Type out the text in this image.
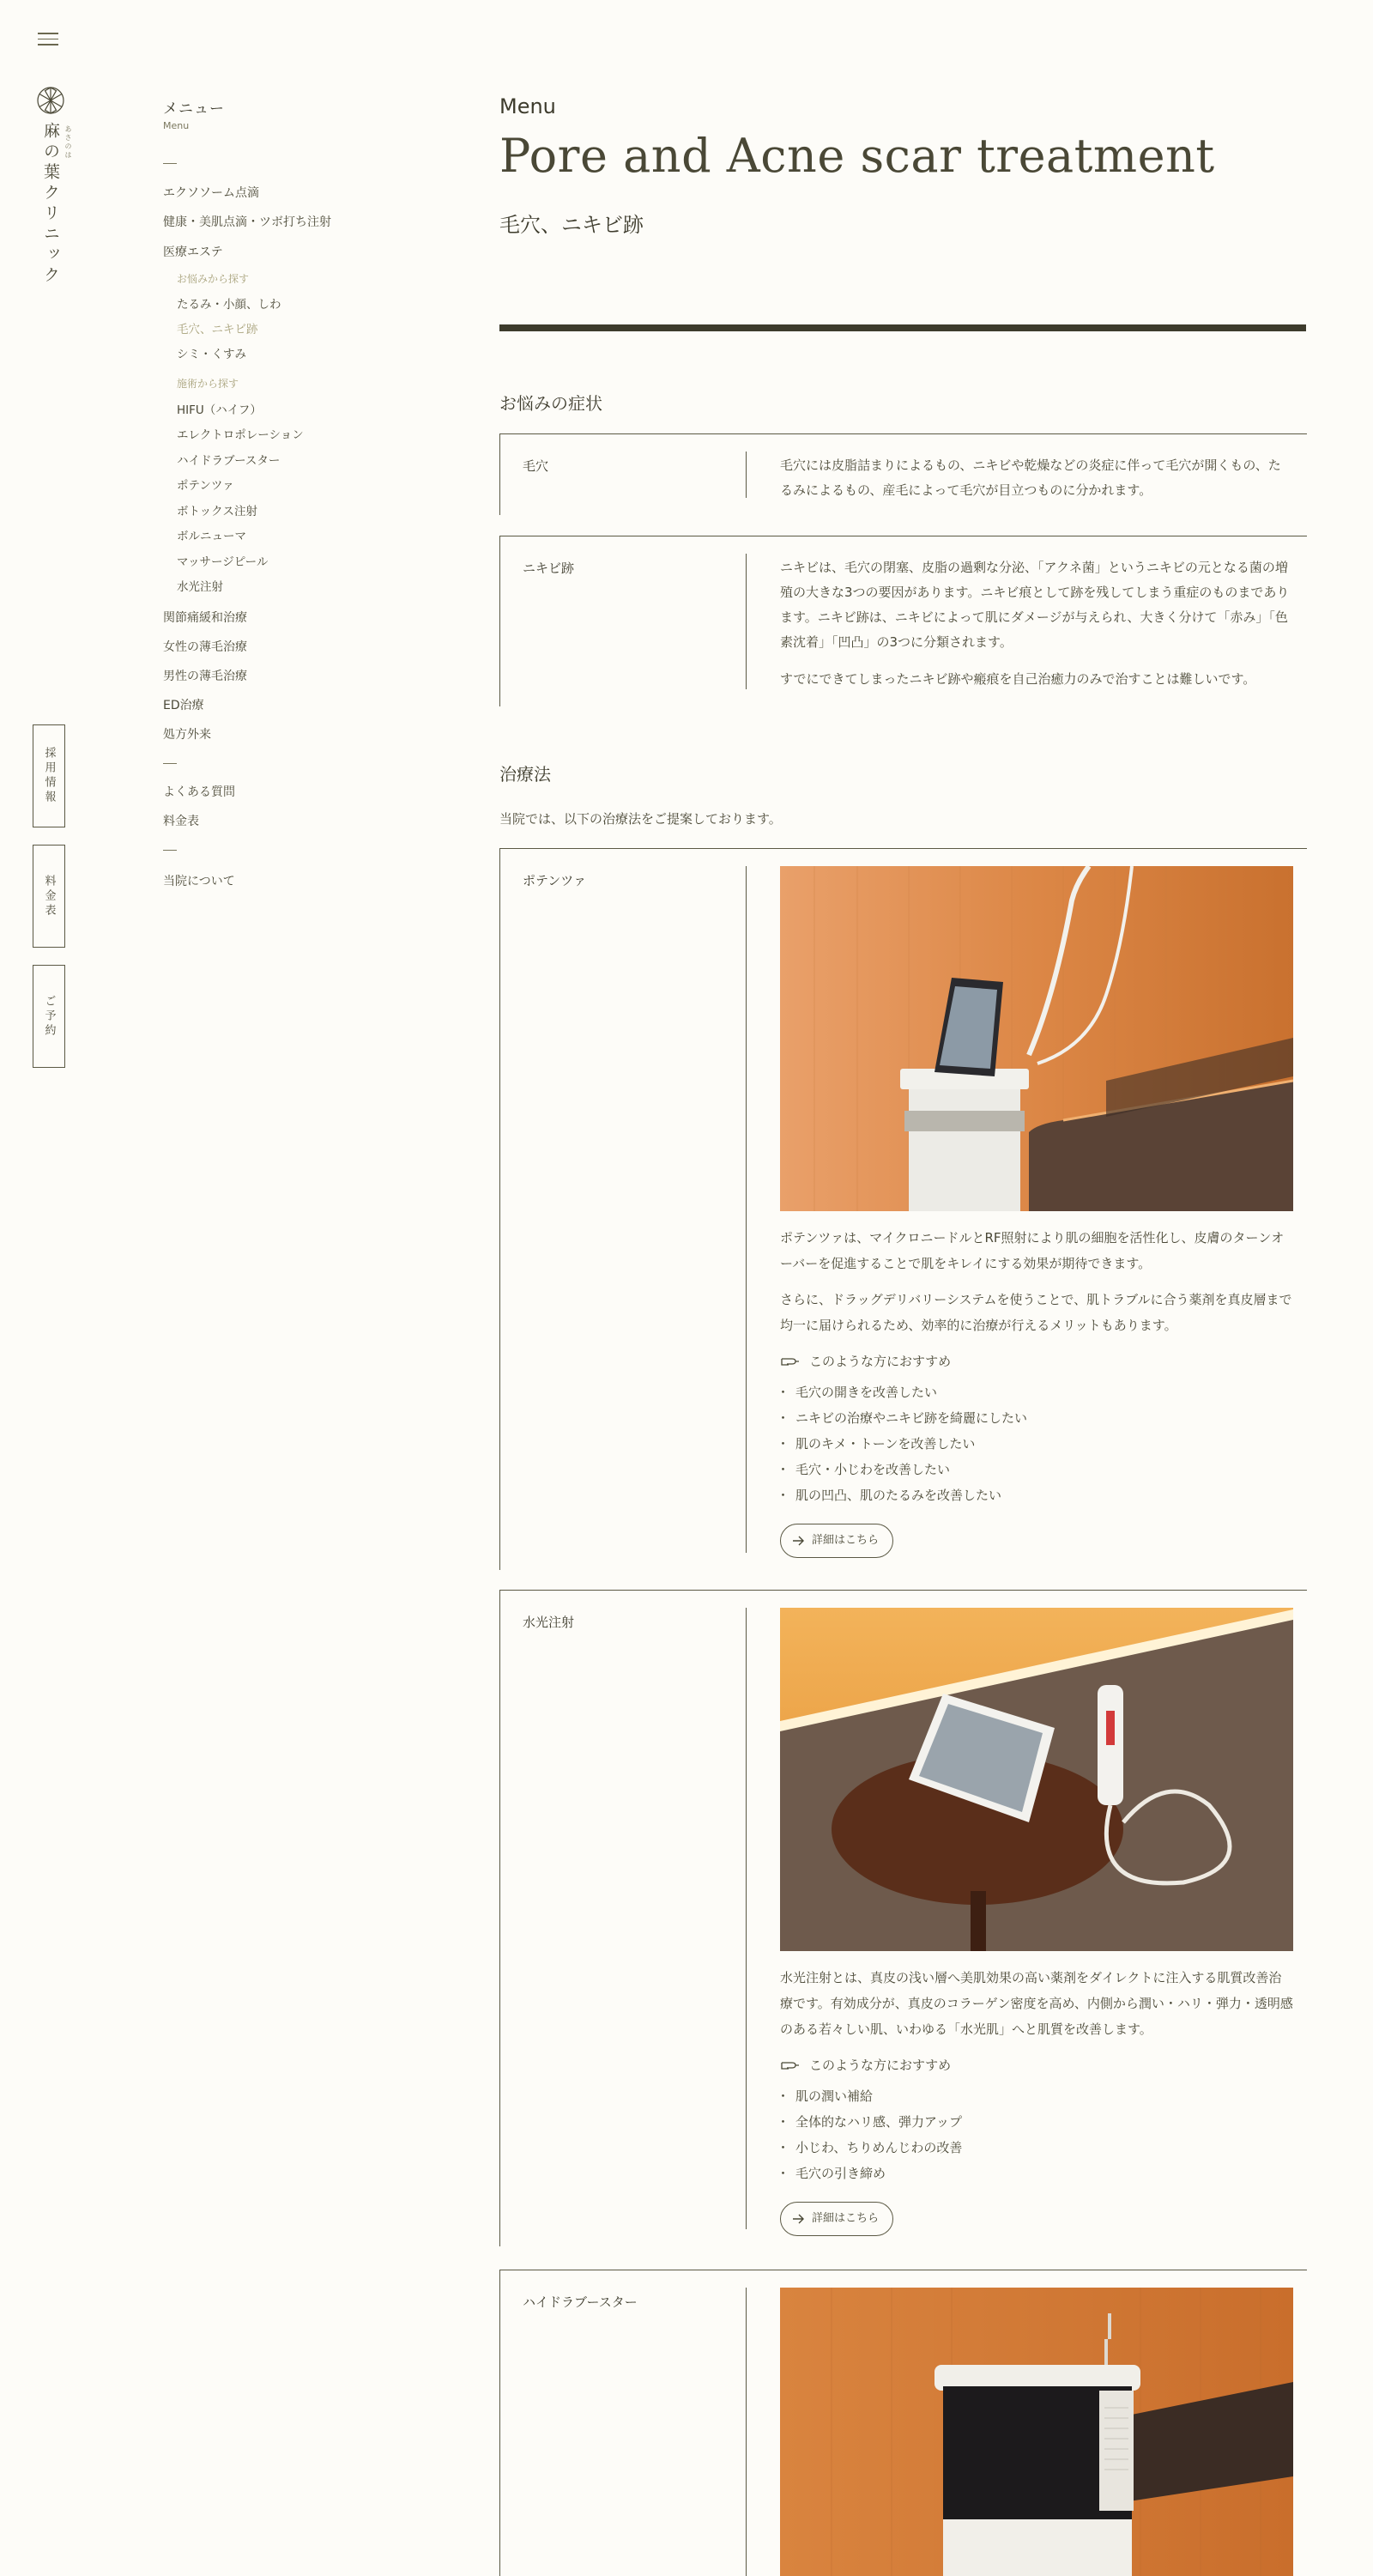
あさのは
麻の葉クリニック
採用情報
料金表
ご予約
メニュー
Menu
エクソソーム点滴
健康・美肌点滴・ツボ打ち注射
医療エステ
お悩みから探す
たるみ・小顔、しわ
毛穴、ニキビ跡
シミ・くすみ
施術から探す
HIFU（ハイフ）
エレクトロポレーション
ハイドラブースター
ポテンツァ
ボトックス注射
ボルニューマ
マッサージピール
水光注射
関節痛緩和治療
女性の薄毛治療
男性の薄毛治療
ED治療
処方外来
よくある質問
料金表
当院について
Menu
Pore and Acne scar treatment
毛穴、ニキビ跡
お悩みの症状
毛穴	毛穴には皮脂詰まりによるもの、ニキビや乾燥などの炎症に伴って毛穴が開くもの、たるみによるもの、産毛によって毛穴が目立つものに分かれます。

ニキビ跡	ニキビは、毛穴の閉塞、皮脂の過剰な分泌、「アクネ菌」というニキビの元となる菌の増殖の大きな3つの要因があります。ニキビ痕として跡を残してしまう重症のものまであります。ニキビ跡は、ニキビによって肌にダメージが与えられ、大きく分けて「赤み」「色素沈着」「凹凸」の3つに分類されます。

すでにできてしまったニキビ跡や瘢痕を自己治癒力のみで治すことは難しいです。

治療法
当院では、以下の治療法をご提案しております。
ポテンツァ

ポテンツァは、マイクロニードルとRF照射により肌の細胞を活性化し、皮膚のターンオーバーを促進することで肌をキレイにする効果が期待できます。

さらに、ドラッグデリバリーシステムを使うことで、肌トラブルに合う薬剤を真皮層まで均一に届けられるため、効率的に治療が行えるメリットもあります。

このような方におすすめ
・ 毛穴の開きを改善したい
・ ニキビの治療やニキビ跡を綺麗にしたい
・ 肌のキメ・トーンを改善したい
・ 毛穴・小じわを改善したい
・ 肌の凹凸、肌のたるみを改善したい
詳細はこちら
水光注射

水光注射とは、真皮の浅い層へ美肌効果の高い薬剤をダイレクトに注入する肌質改善治療です。有効成分が、真皮のコラーゲン密度を高め、内側から潤い・ハリ・弾力・透明感のある若々しい肌、いわゆる「水光肌」へと肌質を改善します。

このような方におすすめ
・ 肌の潤い補給
・ 全体的なハリ感、弾力アップ
・ 小じわ、ちりめんじわの改善
・ 毛穴の引き締め
詳細はこちら
ハイドラブースター
